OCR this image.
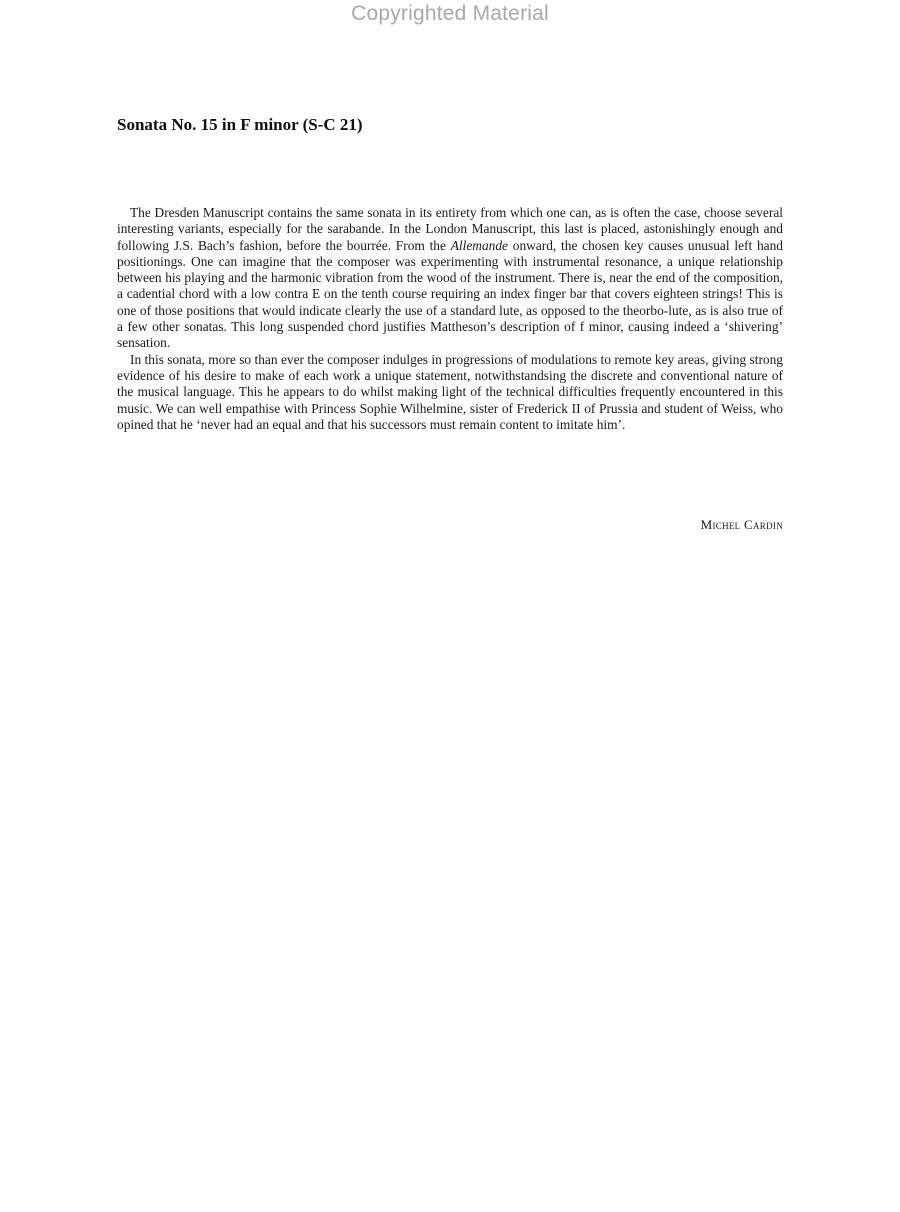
Copyrighted Material
Sonata No. 15 in F minor (S-C 21)

The Dresden Manuscript contains the same sonata in its entirety from which one can, as is often the case, choose several interesting variants, especially for the sarabande. In the London Manuscript, this last is placed, astonishingly enough and following J.S. Bach’s fashion, before the bourrée. From the Allemande onward, the chosen key causes unusual left hand positionings. One can imagine that the composer was experimenting with instrumental resonance, a unique relationship between his playing and the harmonic vibration from the wood of the instrument. There is, near the end of the composition, a cadential chord with a low contra E on the tenth course requiring an index finger bar that covers eighteen strings! This is one of those positions that would indicate clearly the use of a standard lute, as opposed to the theorbo-lute, as is also true of a few other sonatas. This long suspended chord justifies Mattheson’s description of f minor, causing indeed a ‘shivering’ sensation.

In this sonata, more so than ever the composer indulges in progressions of modulations to remote key areas, giving strong evidence of his desire to make of each work a unique statement, notwithstandsing the discrete and conventional nature of the musical language. This he appears to do whilst making light of the technical difficulties frequently encountered in this music. We can well empathise with Princess Sophie Wilhelmine, sister of Frederick II of Prussia and student of Weiss, who opined that he ‘never had an equal and that his successors must remain content to imitate him’.

Michel Cardin
